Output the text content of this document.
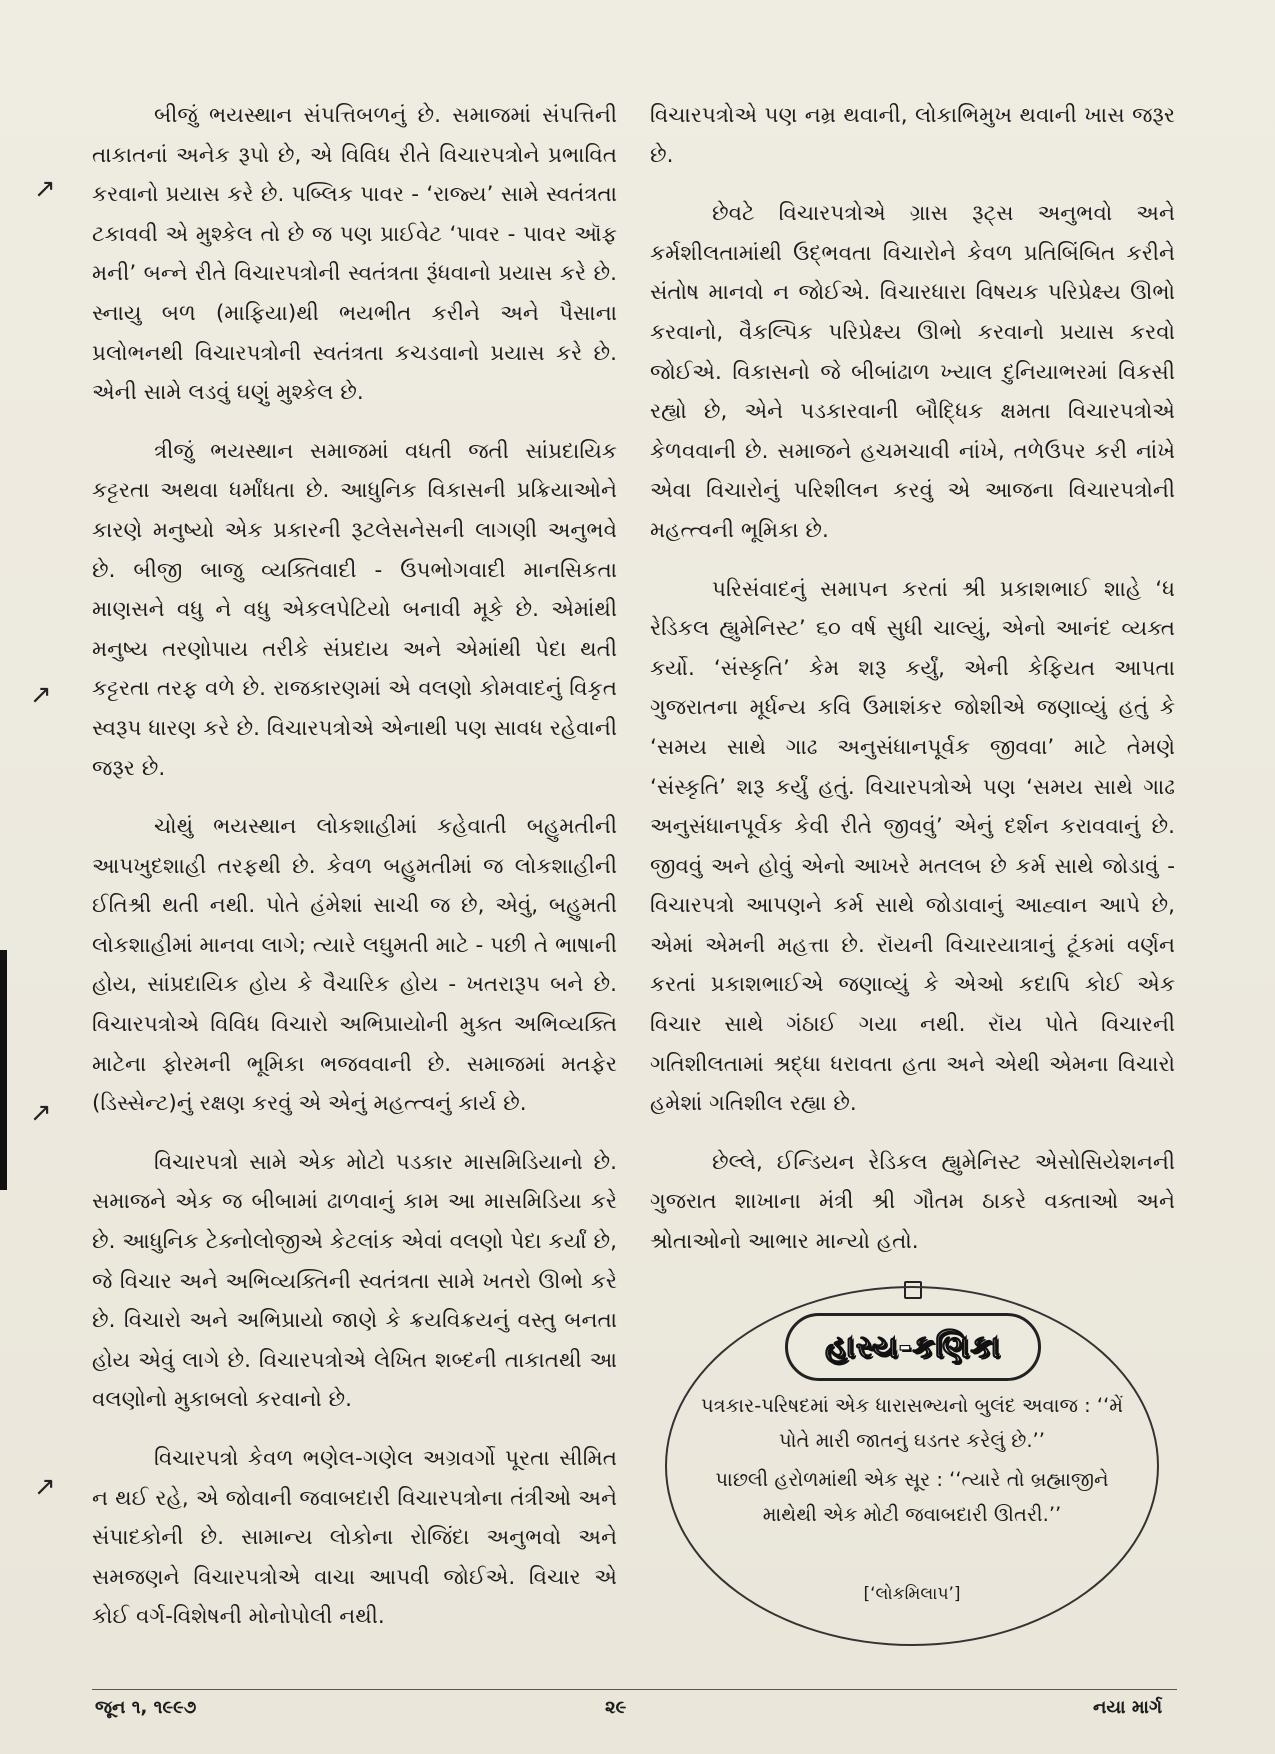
↗
↗
↗
↗

બીજું ભયસ્થાન સંપત્તિબળનું છે. સમાજમાં સંપત્તિની તાકાતનાં અનેક રૂપો છે, એ વિવિધ રીતે વિચારપત્રોને પ્રભાવિત કરવાનો પ્રયાસ કરે છે. પબ્લિક પાવર - ‘રાજ્ય’ સામે સ્વતંત્રતા ટકાવવી એ મુશ્કેલ તો છે જ પણ પ્રાઈવેટ ‘પાવર - પાવર ઑફ મની’ બન્ને રીતે વિચારપત્રોની સ્વતંત્રતા રૂંધવાનો પ્રયાસ કરે છે. સ્નાયુ બળ (માફિયા)થી ભયભીત કરીને અને પૈસાના પ્રલોભનથી વિચારપત્રોની સ્વતંત્રતા કચડવાનો પ્રયાસ કરે છે. એની સામે લડવું ઘણું મુશ્કેલ છે.

ત્રીજું ભયસ્થાન સમાજમાં વધતી જતી સાંપ્રદાયિક કટ્ટરતા અથવા ધર્માંધતા છે. આધુનિક વિકાસની પ્રક્રિયાઓને કારણે મનુષ્યો એક પ્રકારની રૂટલેસનેસની લાગણી અનુભવે છે. બીજી બાજુ વ્યક્તિવાદી - ઉપભોગવાદી માનસિકતા માણસને વધુ ને વધુ એકલપેટિયો બનાવી મૂકે છે. એમાંથી મનુષ્ય તરણોપાય તરીકે સંપ્રદાય અને એમાંથી પેદા થતી કટ્ટરતા તરફ વળે છે. રાજકારણમાં એ વલણો કોમવાદનું વિકૃત સ્વરૂપ ધારણ કરે છે. વિચારપત્રોએ એનાથી પણ સાવધ રહેવાની જરૂર છે.

ચોથું ભયસ્થાન લોકશાહીમાં કહેવાતી બહુમતીની આપખુદશાહી તરફથી છે. કેવળ બહુમતીમાં જ લોકશાહીની ઈતિશ્રી થતી નથી. પોતે હંમેશાં સાચી જ છે, એવું, બહુમતી લોકશાહીમાં માનવા લાગે; ત્યારે લઘુમતી માટે - પછી તે ભાષાની હોય, સાંપ્રદાયિક હોય કે વૈચારિક હોય - ખતરારૂપ બને છે. વિચારપત્રોએ વિવિધ વિચારો અભિપ્રાયોની મુક્ત અભિવ્યક્તિ માટેના ફોરમની ભૂમિકા ભજવવાની છે. સમાજમાં મતફેર (ડિસ્સેન્ટ)નું રક્ષણ કરવું એ એનું મહત્ત્વનું કાર્ય છે.

વિચારપત્રો સામે એક મોટો પડકાર માસમિડિયાનો છે. સમાજને એક જ બીબામાં ઢાળવાનું કામ આ માસમિડિયા કરે છે. આધુનિક ટેક્નોલોજીએ કેટલાંક એવાં વલણો પેદા કર્યાં છે, જે વિચાર અને અભિવ્યક્તિની સ્વતંત્રતા સામે ખતરો ઊભો કરે છે. વિચારો અને અભિપ્રાયો જાણે કે ક્રયવિક્રયનું વસ્તુ બનતા હોય એવું લાગે છે. વિચારપત્રોએ લેખિત શબ્દની તાકાતથી આ વલણોનો મુકાબલો કરવાનો છે.

વિચારપત્રો કેવળ ભણેલ-ગણેલ અગ્રવર્ગો પૂરતા સીમિત ન થઈ રહે, એ જોવાની જવાબદારી વિચારપત્રોના તંત્રીઓ અને સંપાદકોની છે. સામાન્ય લોકોના રોજિંદા અનુભવો અને સમજણને વિચારપત્રોએ વાચા આપવી જોઈએ. વિચાર એ કોઈ વર્ગ-વિશેષની મોનોપોલી નથી.

વિચારપત્રોએ પણ નમ્ર થવાની, લોકાભિમુખ થવાની ખાસ જરૂર છે.

છેવટે વિચારપત્રોએ ગ્રાસ રૂટ્સ અનુભવો અને કર્મશીલતામાંથી ઉદ્ભવતા વિચારોને કેવળ પ્રતિબિંબિત કરીને સંતોષ માનવો ન જોઈએ. વિચારધારા વિષયક પરિપ્રેક્ષ્ય ઊભો કરવાનો, વૈકલ્પિક પરિપ્રેક્ષ્ય ઊભો કરવાનો પ્રયાસ કરવો જોઈએ. વિકાસનો જે બીબાંઢાળ ખ્યાલ દુનિયાભરમાં વિકસી રહ્યો છે, એને પડકારવાની બૌદ્ધિક ક્ષમતા વિચારપત્રોએ કેળવવાની છે. સમાજને હચમચાવી નાંખે, તળેઉપર કરી નાંખે એવા વિચારોનું પરિશીલન કરવું એ આજના વિચારપત્રોની મહત્ત્વની ભૂમિકા છે.

પરિસંવાદનું સમાપન કરતાં શ્રી પ્રકાશભાઈ શાહે ‘ધ રેડિકલ હ્યુમેનિસ્ટ’ ૬૦ વર્ષ સુધી ચાલ્યું, એનો આનંદ વ્યક્ત કર્યો. ‘સંસ્કૃતિ’ કેમ શરૂ કર્યું, એની કેફિયત આપતા ગુજરાતના મૂર્ધન્ય કવિ ઉમાશંકર જોશીએ જણાવ્યું હતું કે ‘સમય સાથે ગાઢ અનુસંધાનપૂર્વક જીવવા’ માટે તેમણે ‘સંસ્કૃતિ’ શરૂ કર્યું હતું. વિચારપત્રોએ પણ ‘સમય સાથે ગાઢ અનુસંધાનપૂર્વક કેવી રીતે જીવવું’ એનું દર્શન કરાવવાનું છે. જીવવું અને હોવું એનો આખરે મતલબ છે કર્મ સાથે જોડાવું - વિચારપત્રો આપણને કર્મ સાથે જોડાવાનું આહ્વાન આપે છે, એમાં એમની મહત્તા છે. રૉયની વિચારયાત્રાનું ટૂંકમાં વર્ણન કરતાં પ્રકાશભાઈએ જણાવ્યું કે એઓ કદાપિ કોઈ એક વિચાર સાથે ગંઠાઈ ગયા નથી. રૉય પોતે વિચારની ગતિશીલતામાં શ્રદ્ધા ધરાવતા હતા અને એથી એમના વિચારો હમેશાં ગતિશીલ રહ્યા છે.

છેલ્લે, ઈન્ડિયન રેડિકલ હ્યુમેનિસ્ટ એસોસિયેશનની ગુજરાત શાખાના મંત્રી શ્રી ગૌતમ ઠાકરે વક્તાઓ અને શ્રોતાઓનો આભાર માન્યો હતો.

હાસ્ય-કણિકા

પત્રકાર-પરિષદમાં એક ધારાસભ્યનો બુલંદ અવાજ : ‘‘મેં પોતે મારી જાતનું ઘડતર કરેલું છે.’’

પાછલી હરોળમાંથી એક સૂર : ‘‘ત્યારે તો બ્રહ્માજીને માથેથી એક મોટી જવાબદારી ઊતરી.’’

[‘લોકમિલાપ’]
જૂન ૧, ૧૯૯૭	૨૯	નયા માર્ગ
